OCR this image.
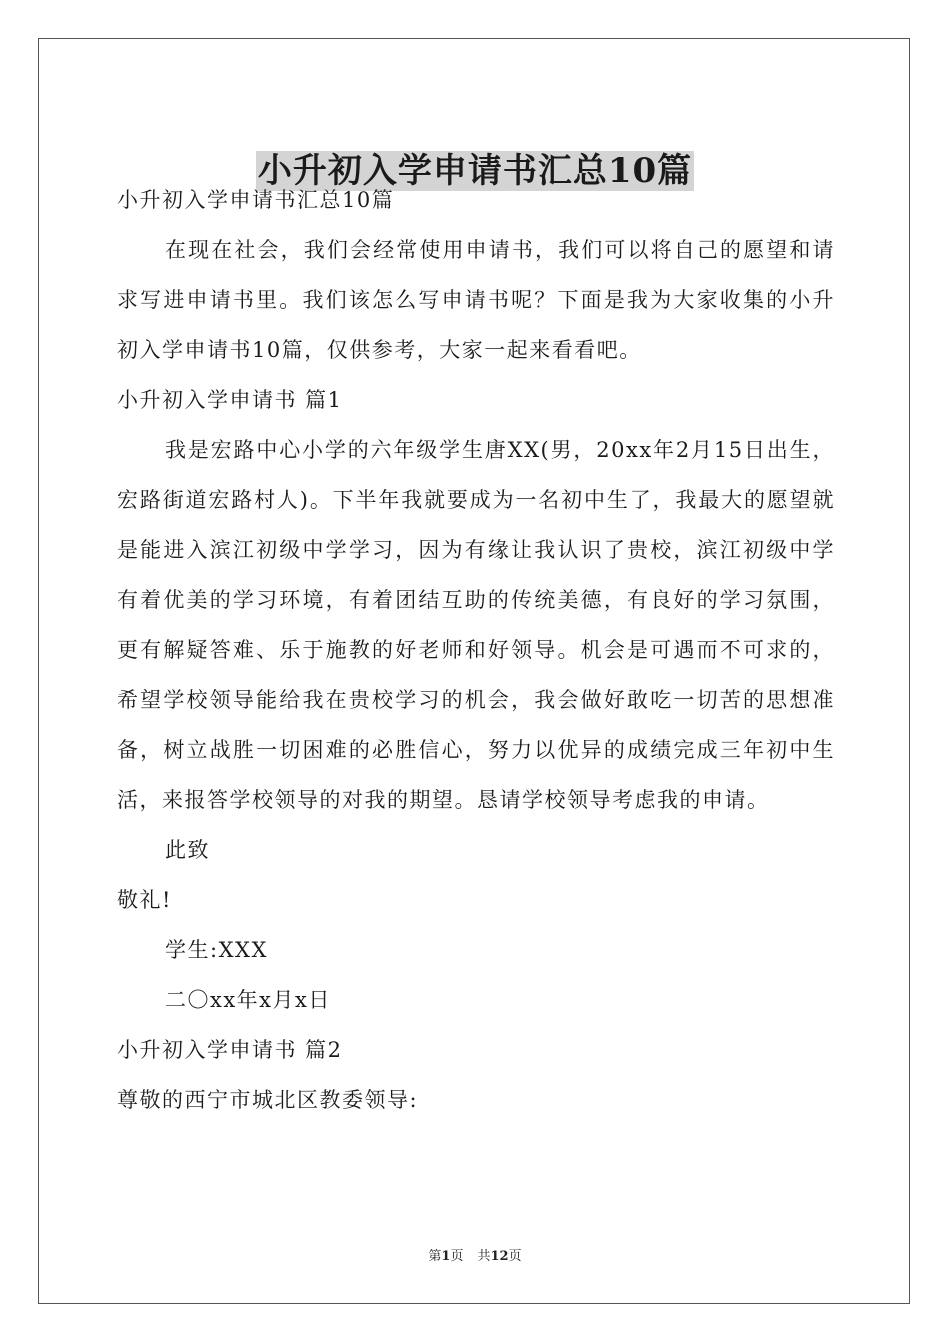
小升初入学申请书汇总10篇

小升初入学申请书汇总10篇

在现在社会，我们会经常使用申请书，我们可以将自己的愿望和请求写进申请书里。我们该怎么写申请书呢？下面是我为大家收集的小升初入学申请书10篇，仅供参考，大家一起来看看吧。

小升初入学申请书 篇1

我是宏路中心小学的六年级学生唐XX(男，20xx年2月15日出生，宏路街道宏路村人)。下半年我就要成为一名初中生了，我最大的愿望就是能进入滨江初级中学学习，因为有缘让我认识了贵校，滨江初级中学有着优美的学习环境，有着团结互助的传统美德，有良好的学习氛围，更有解疑答难、乐于施教的好老师和好领导。机会是可遇而不可求的，希望学校领导能给我在贵校学习的机会，我会做好敢吃一切苦的思想准备，树立战胜一切困难的必胜信心，努力以优异的成绩完成三年初中生活，来报答学校领导的对我的期望。恳请学校领导考虑我的申请。

此致

敬礼!

学生:XXX

二〇xx年x月x日

小升初入学申请书 篇2

尊敬的西宁市城北区教委领导:

第1页 共12页
